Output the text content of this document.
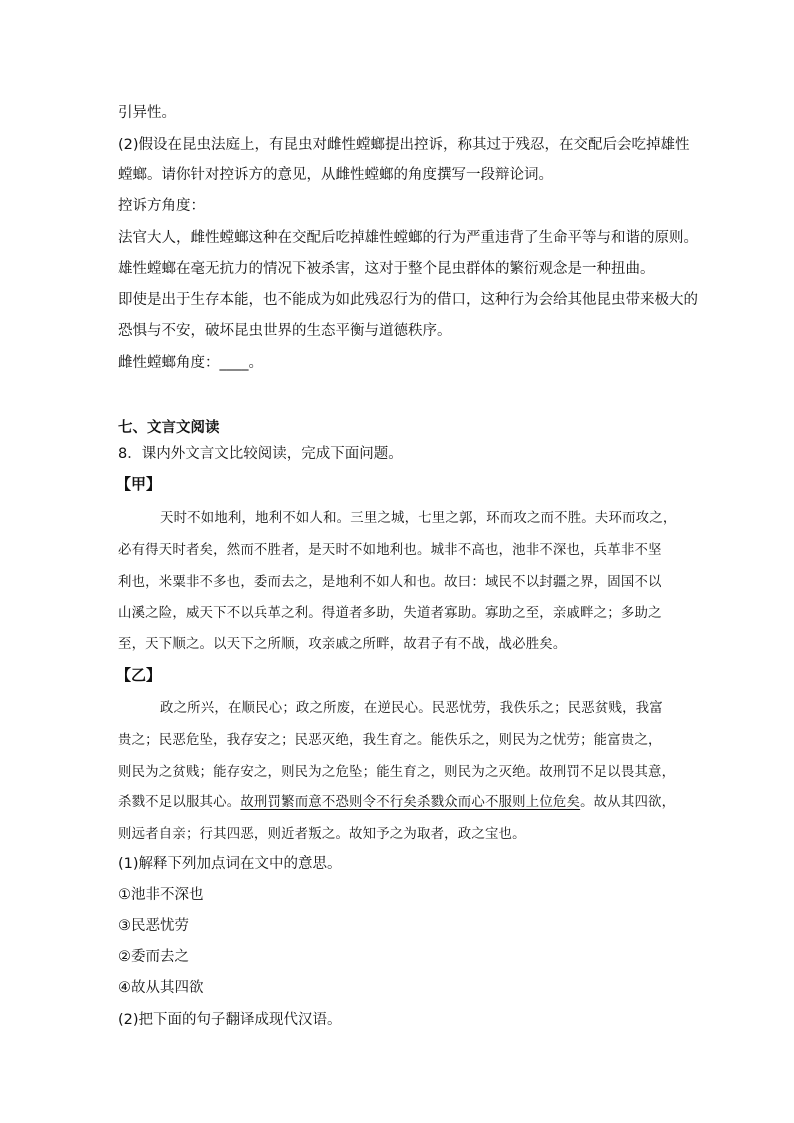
引异性。
(2)假设在昆虫法庭上，有昆虫对雌性螳螂提出控诉，称其过于残忍，在交配后会吃掉雄性
螳螂。请你针对控诉方的意见，从雌性螳螂的角度撰写一段辩论词。
控诉方角度：
法官大人，雌性螳螂这种在交配后吃掉雄性螳螂的行为严重违背了生命平等与和谐的原则。
雄性螳螂在毫无抗力的情况下被杀害，这对于整个昆虫群体的繁衍观念是一种扭曲。
即使是出于生存本能，也不能成为如此残忍行为的借口，这种行为会给其他昆虫带来极大的
恐惧与不安，破坏昆虫世界的生态平衡与道德秩序。
雌性螳螂角度：____。
七、文言文阅读
8．课内外文言文比较阅读，完成下面问题。
【甲】
天时不如地利，地利不如人和。三里之城，七里之郭，环而攻之而不胜。夫环而攻之，
必有得天时者矣，然而不胜者，是天时不如地利也。城非不高也，池非不深也，兵革非不坚
利也，米粟非不多也，委而去之，是地利不如人和也。故曰：域民不以封疆之界，固国不以
山溪之险，威天下不以兵革之利。得道者多助，失道者寡助。寡助之至，亲戚畔之；多助之
至，天下顺之。以天下之所顺，攻亲戚之所畔，故君子有不战，战必胜矣。
【乙】
政之所兴，在顺民心；政之所废，在逆民心。民恶忧劳，我佚乐之；民恶贫贱，我富
贵之；民恶危坠，我存安之；民恶灭绝，我生育之。能佚乐之，则民为之忧劳；能富贵之，
则民为之贫贱；能存安之，则民为之危坠；能生育之，则民为之灭绝。故刑罚不足以畏其意，
杀戮不足以服其心。故刑罚繁而意不恐则令不行矣杀戮众而心不服则上位危矣。故从其四欲，
则远者自亲；行其四恶，则近者叛之。故知予之为取者，政之宝也。
(1)解释下列加点词在文中的意思。
①池非不深也
③民恶忧劳
②委而去之
④故从其四欲
(2)把下面的句子翻译成现代汉语。
